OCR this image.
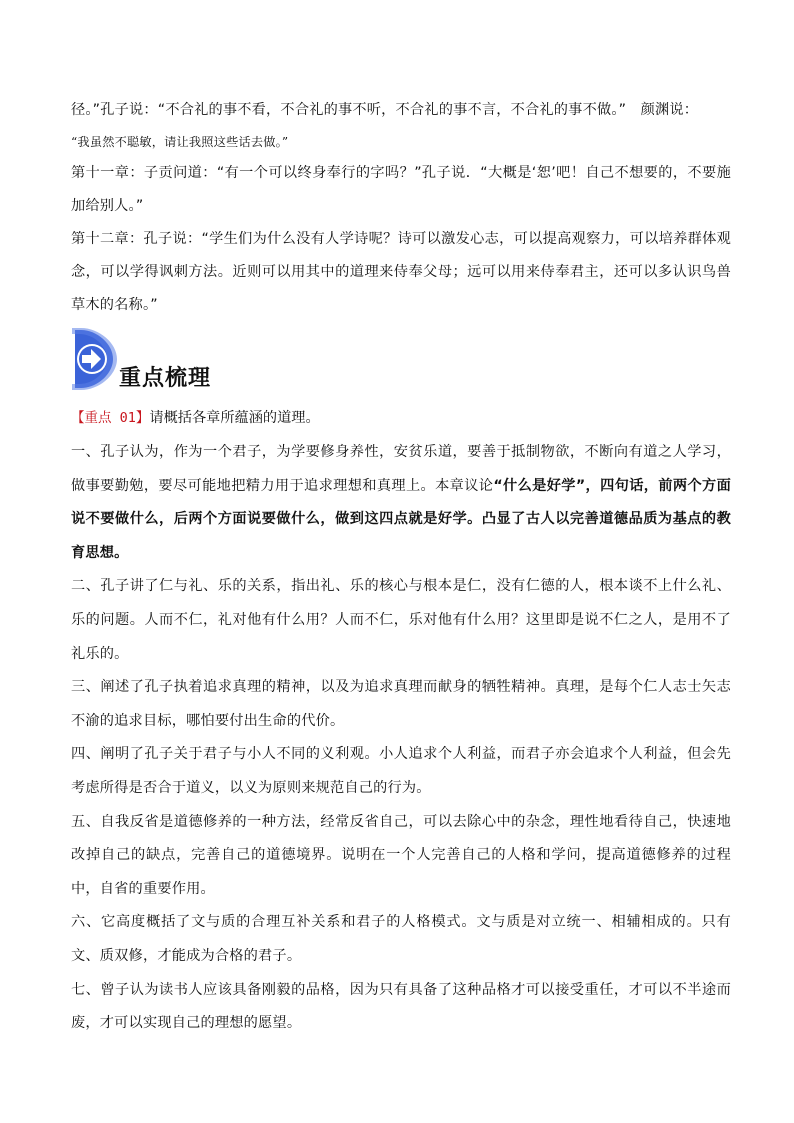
径。”孔子说：“不合礼的事不看，不合礼的事不听，不合礼的事不言，不合礼的事不做。”　颜渊说：

“我虽然不聪敏，请让我照这些话去做。”

第十一章：子贡问道：“有一个可以终身奉行的字吗？”孔子说．“大概是‘恕’吧！自己不想要的，不要施加给别人。”

第十二章：孔子说：“学生们为什么没有人学诗呢？诗可以激发心志，可以提高观察力，可以培养群体观念，可以学得讽刺方法。近则可以用其中的道理来侍奉父母；远可以用来侍奉君主，还可以多认识鸟兽草木的名称。”

重点梳理

【重点 01】请概括各章所蕴涵的道理。

一、孔子认为，作为一个君子，为学要修身养性，安贫乐道，要善于抵制物欲，不断向有道之人学习，做事要勤勉，要尽可能地把精力用于追求理想和真理上。本章议论“什么是好学”，四句话，前两个方面说不要做什么，后两个方面说要做什么，做到这四点就是好学。凸显了古人以完善道德品质为基点的教育思想。

二、孔子讲了仁与礼、乐的关系，指出礼、乐的核心与根本是仁，没有仁德的人，根本谈不上什么礼、乐的问题。人而不仁，礼对他有什么用？人而不仁，乐对他有什么用？这里即是说不仁之人，是用不了礼乐的。

三、阐述了孔子执着追求真理的精神，以及为追求真理而献身的牺牲精神。真理，是每个仁人志士矢志不渝的追求目标，哪怕要付出生命的代价。

四、阐明了孔子关于君子与小人不同的义利观。小人追求个人利益，而君子亦会追求个人利益，但会先考虑所得是否合于道义，以义为原则来规范自己的行为。

五、自我反省是道德修养的一种方法，经常反省自己，可以去除心中的杂念，理性地看待自己，快速地改掉自己的缺点，完善自己的道德境界。说明在一个人完善自己的人格和学问，提高道德修养的过程中，自省的重要作用。

六、它高度概括了文与质的合理互补关系和君子的人格模式。文与质是对立统一、相辅相成的。只有文、质双修，才能成为合格的君子。

七、曾子认为读书人应该具备刚毅的品格，因为只有具备了这种品格才可以接受重任，才可以不半途而废，才可以实现自己的理想的愿望。
